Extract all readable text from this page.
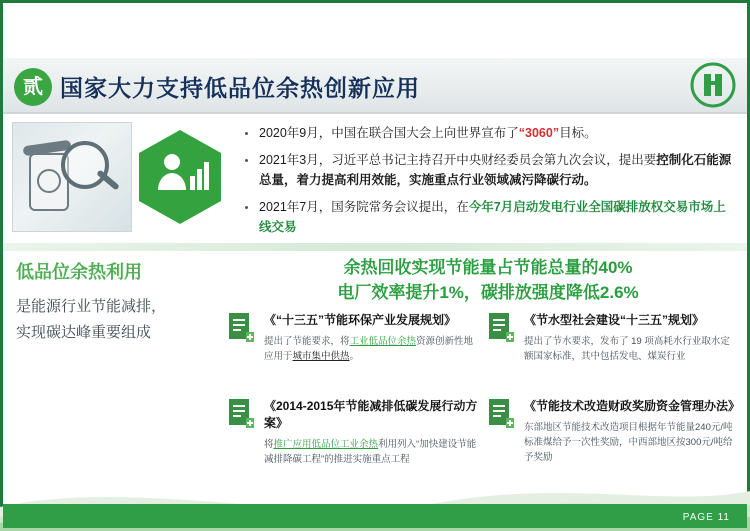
贰 国家大力支持低品位余热创新应用
2020年9月，中国在联合国大会上向世界宣布了“3060”目标。
2021年3月，习近平总书记主持召开中央财经委员会第九次会议，提出要控制化石能源总量，着力提高利用效能，实施重点行业领域减污降碳行动。
2021年7月，国务院常务会议提出，在今年7月启动发电行业全国碳排放权交易市场上线交易
低品位余热利用
是能源行业节能减排，
实现碳达峰重要组成
余热回收实现节能量占节能总量的40%
电厂效率提升1%，碳排放强度降低2.6%
《“十三五”节能环保产业发展规划》
提出了节能要求，将工业低品位余热资源创新性地应用于城市集中供热。
《节水型社会建设“十三五”规划》
提出了节水要求，发布了 19 项高耗水行业取水定额国家标准，其中包括发电、煤炭行业
《2014-2015年节能减排低碳发展行动方案》
将推广应用低品位工业余热利用列入“加快建设节能减排降碳工程”的推进实施重点工程
《节能技术改造财政奖励资金管理办法》
东部地区节能技术改造项目根据年节能量240元/吨标准煤给予一次性奖励，中西部地区按300元/吨给予奖励
PAGE 11
